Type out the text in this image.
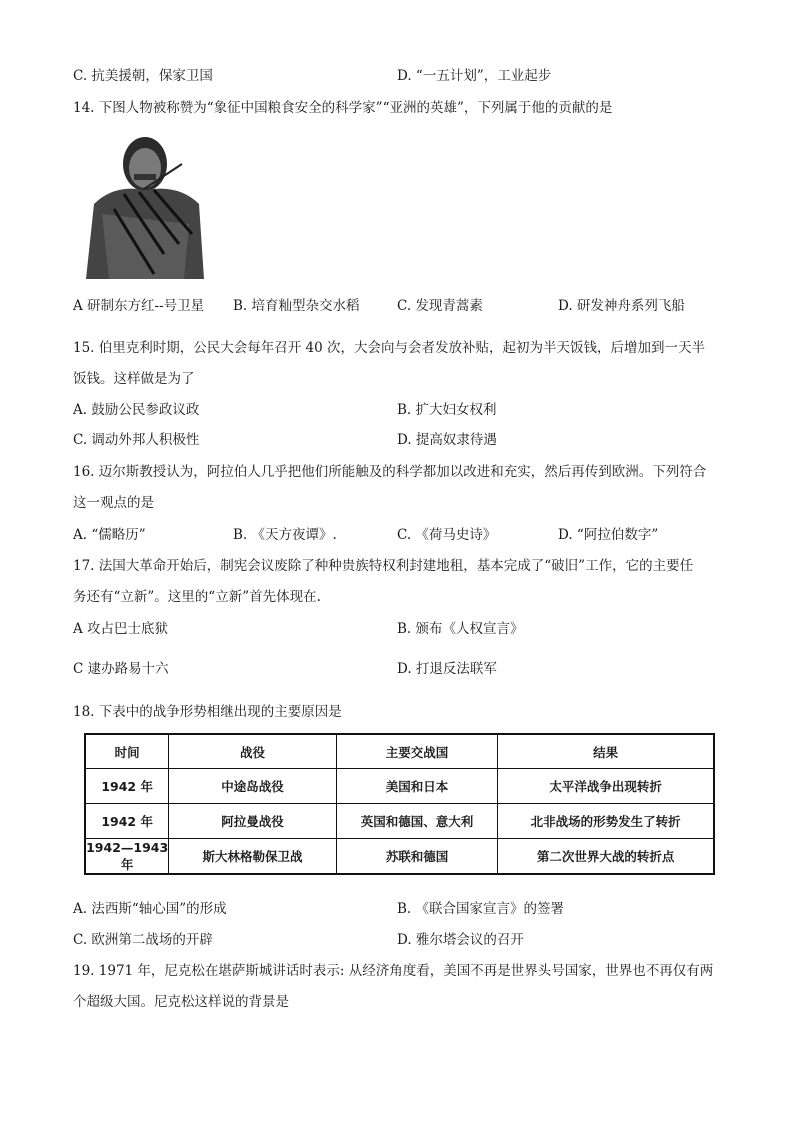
C. 抗美援朝，保家卫国	D. “一五计划”，工业起步
14. 下图人物被称赞为“象征中国粮食安全的科学家”“亚洲的英雄”，下列属于他的贡献的是
A 研制东方红--号卫星 B. 培育籼型杂交水稻	C. 发现青蒿素	D. 研发神舟系列飞船
15. 伯里克利时期，公民大会每年召开 40 次，大会向与会者发放补贴，起初为半天饭钱，后增加到一天半
饭钱。这样做是为了
A. 鼓励公民参政议政	B. 扩大妇女权利
C. 调动外邦人积极性	D. 提高奴隶待遇
16. 迈尔斯教授认为，阿拉伯人几乎把他们所能触及的科学都加以改进和充实，然后再传到欧洲。下列符合
这一观点的是
A. “儒略历”	B. 《天方夜谭》.	C. 《荷马史诗》	D. “阿拉伯数字”
17. 法国大革命开始后，制宪会议废除了种种贵族特权利封建地租，基本完成了“破旧”工作，它的主要任
务还有“立新”。这里的“立新”首先体现在.
A 攻占巴士底狱	B. 颁布《人权宣言》
C 逮办路易十六	D. 打退反法联军
18. 下表中的战争形势相继出现的主要原因是
时间	战役	主要交战国	结果
1942 年	中途岛战役	美国和日本	太平洋战争出现转折
1942 年	阿拉曼战役	英国和德国、意大利	北非战场的形势发生了转折
1942—1943 年	斯大林格勒保卫战	苏联和德国	第二次世界大战的转折点
A. 法西斯“轴心国”的形成	B. 《联合国家宣言》的签署
C. 欧洲第二战场的开辟	D. 雅尔塔会议的召开
19. 1971 年，尼克松在堪萨斯城讲话时表示: 从经济角度看，美国不再是世界头号国家，世界也不再仅有两
个超级大国。尼克松这样说的背景是
